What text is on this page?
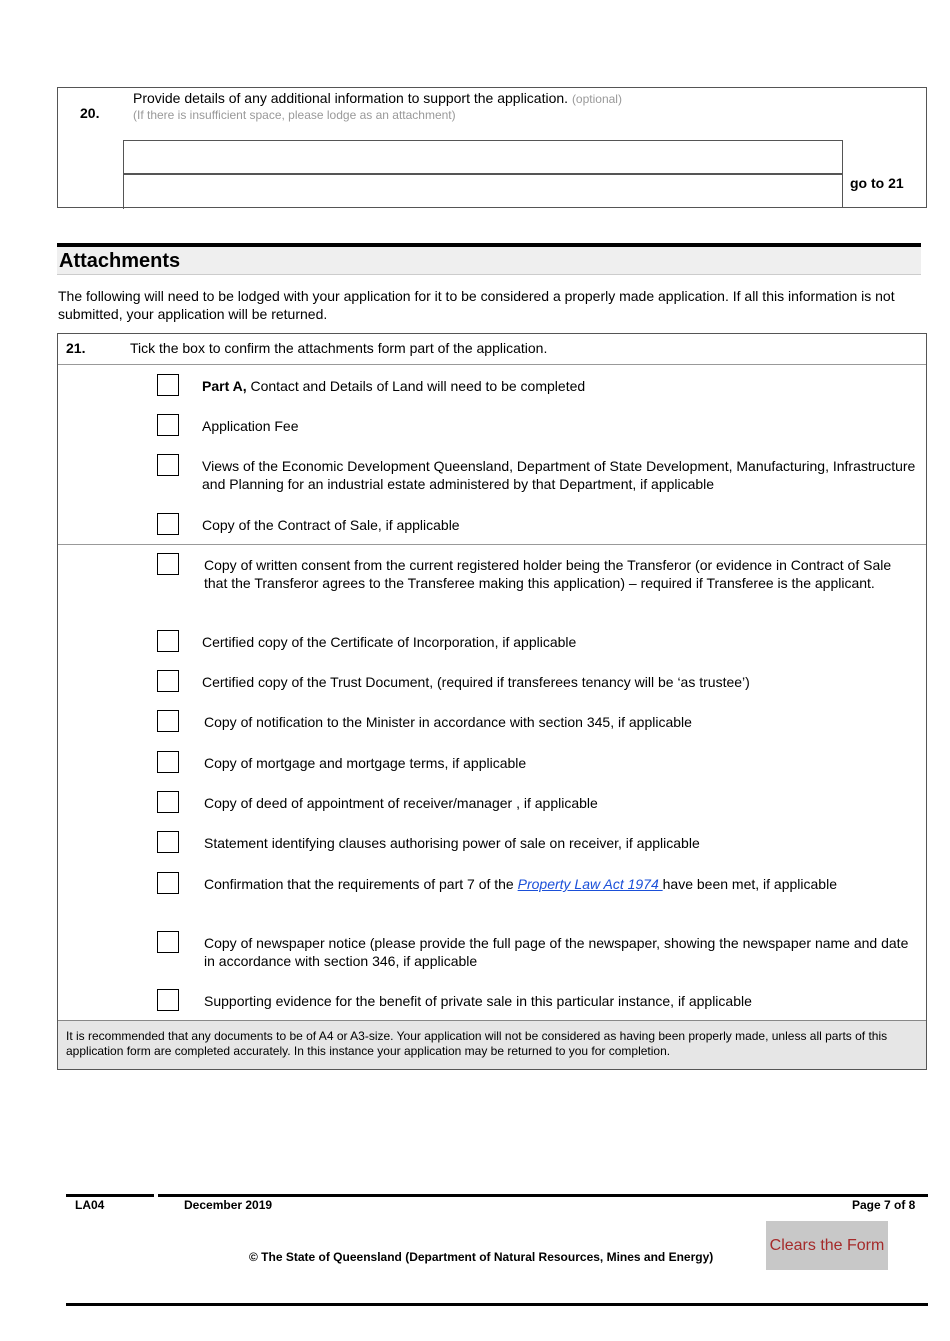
20.
Provide details of any additional information to support the application. (optional)
(If there is insufficient space, please lodge as an attachment)
go to 21
Attachments
The following will need to be lodged with your application for it to be considered a properly made application. If all this information is not submitted, your application will be returned.
21.	Tick the box to confirm the attachments form part of the application.
Part A, Contact and Details of Land will need to be completed
Application Fee
Views of the Economic Development Queensland, Department of State Development, Manufacturing, Infrastructure and Planning for an industrial estate administered by that Department, if applicable
Copy of the Contract of Sale, if applicable
Copy of written consent from the current registered holder being the Transferor (or evidence in Contract of Sale that the Transferor agrees to the Transferee making this application) – required if Transferee is the applicant.
Certified copy of the Certificate of Incorporation, if applicable
Certified copy of the Trust Document, (required if transferees tenancy will be ‘as trustee’)
Copy of notification to the Minister in accordance with section 345, if applicable
Copy of mortgage and mortgage terms, if applicable
Copy of deed of appointment of receiver/manager , if applicable
Statement identifying clauses authorising power of sale on receiver, if applicable
Confirmation that the requirements of part 7 of the Property Law Act 1974 have been met, if applicable
Copy of newspaper notice (please provide the full page of the newspaper, showing the newspaper name and date in accordance with section 346, if applicable
Supporting evidence for the benefit of private sale in this particular instance, if applicable
It is recommended that any documents to be of A4 or A3-size. Your application will not be considered as having been properly made, unless all parts of this application form are completed accurately. In this instance your application may be returned to you for completion.
LA04	December 2019	Page 7 of 8
© The State of Queensland (Department of Natural Resources, Mines and Energy)
Clears the Form
